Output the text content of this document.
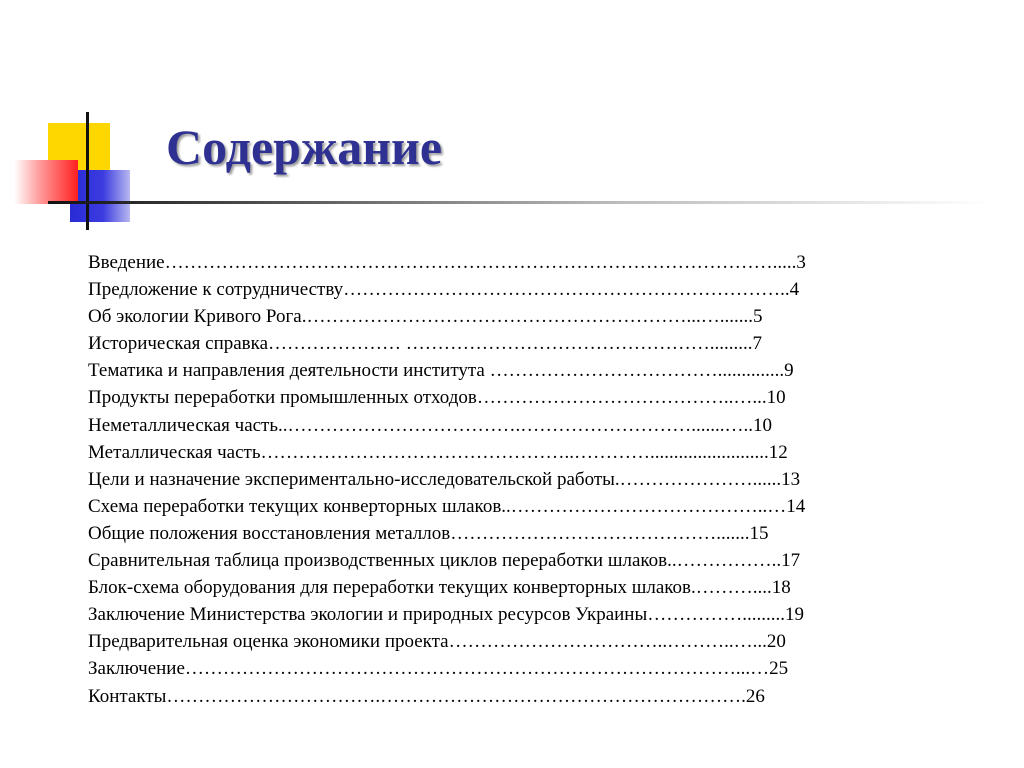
Содержание
Введение…………………………………………………………………………………….....3
Предложение к сотрудничеству……………………………………………………………..4
Об экологии Кривого Рога.……………………………………………………...….......5
Историческая справка………………… ………………………………………….........7
Тематика и направления деятельности института ………………………………..............9
Продукты переработки промышленных отходов…………………………………..…...10
Неметаллическая часть..……………………………….……………………….......…..10
Металлическая часть…………………………………………..………….........................12
Цели и назначение экспериментально-исследовательской работы.…………………......13
Схема переработки текущих конверторных шлаков..…………………………………..…14
Общие положения восстановления металлов…………………………………….......15
Сравнительная таблица производственных циклов переработки шлаков..……………..17
Блок-схема оборудования для переработки текущих конверторных шлаков.………....18
Заключение Министерства экологии и природных ресурсов Украины…………….........19
Предварительная оценка экономики проекта……………………………..………..…...20
Заключение……………………………………………………………………………...…25
Контакты…………………………….………………………………………………….26
